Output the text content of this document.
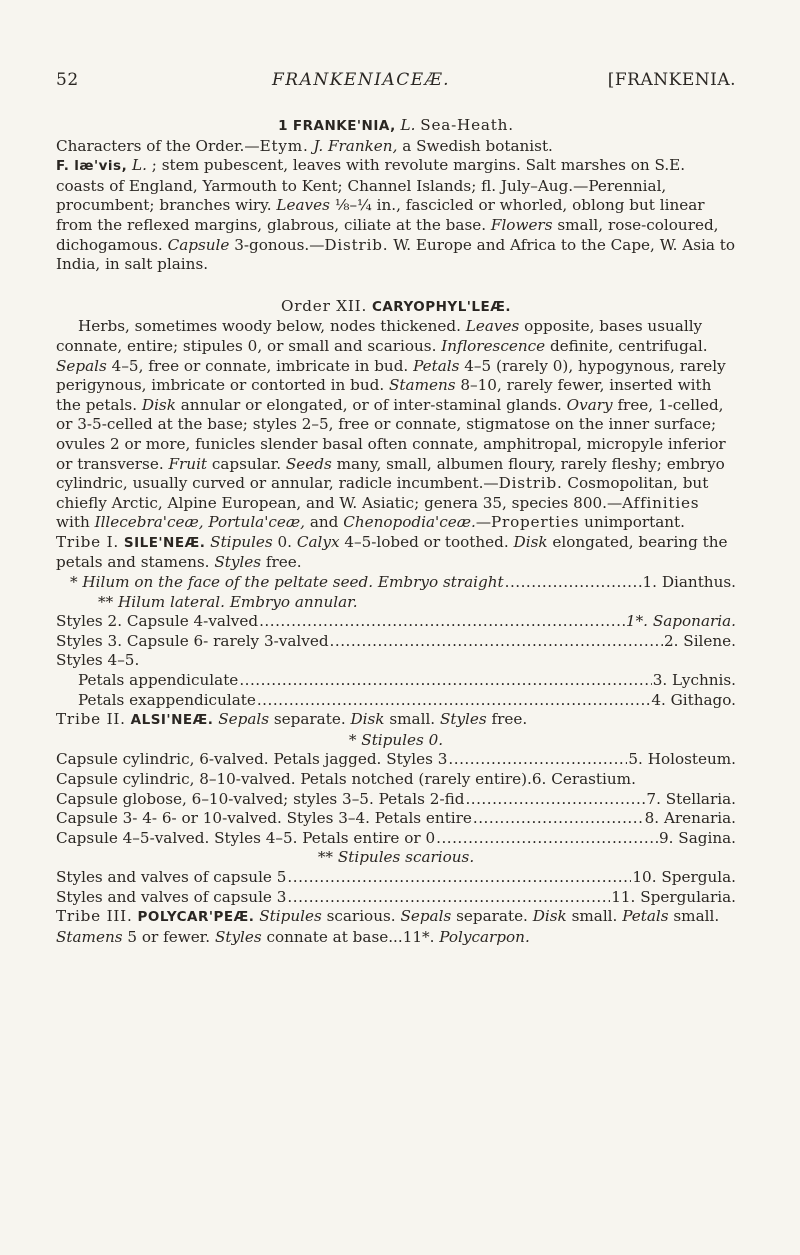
52	FRANKENIACEÆ.	[FRANKENIA.

1 FRANKE'NIA, L. Sea-Heath.

Characters of the Order.—Etym. J. Franken, a Swedish botanist.

F. læ'vis, L. ; stem pubescent, leaves with revolute margins. Salt marshes on S.E. coasts of England, Yarmouth to Kent; Channel Islands; fl. July–Aug.—Perennial, procumbent; branches wiry. Leaves ⅛–¼ in., fascicled or whorled, oblong but linear from the reflexed margins, glabrous, ciliate at the base. Flowers small, rose-coloured, dichogamous. Capsule 3-gonous.—Distrib. W. Europe and Africa to the Cape, W. Asia to India, in salt plains.

Order XII. CARYOPHYL'LEÆ.

Herbs, sometimes woody below, nodes thickened. Leaves opposite, bases usually connate, entire; stipules 0, or small and scarious. Inflorescence definite, centrifugal. Sepals 4–5, free or connate, imbricate in bud. Petals 4–5 (rarely 0), hypogynous, rarely perigynous, imbricate or contorted in bud. Stamens 8–10, rarely fewer, inserted with the petals. Disk annular or elongated, or of inter-staminal glands. Ovary free, 1-celled, or 3-5-celled at the base; styles 2–5, free or connate, stigmatose on the inner surface; ovules 2 or more, funicles slender basal often connate, amphitropal, micropyle inferior or transverse. Fruit capsular. Seeds many, small, albumen floury, rarely fleshy; embryo cylindric, usually curved or annular, radicle incumbent.—Distrib. Cosmopolitan, but chiefly Arctic, Alpine European, and W. Asiatic; genera 35, species 800.—Affinities with Illecebra'ceæ, Portula'ceæ, and Chenopodia'ceæ.—Properties unimportant.

Tribe I. SILE'NEÆ. Stipules 0. Calyx 4–5-lobed or toothed. Disk elongated, bearing the petals and stamens. Styles free.

* Hilum on the face of the peltate seed. Embryo straight .....	1. Dianthus.
** Hilum lateral. Embryo annular.
Styles 2. Capsule 4-valved .....	1*. Saponaria.
Styles 3. Capsule 6- rarely 3-valved .....	2. Silene.
Styles 4–5.
Petals appendiculate .....	3. Lychnis.
Petals exappendiculate .....	4. Githago.

Tribe II. ALSI'NEÆ. Sepals separate. Disk small. Styles free.

* Stipules 0.

Capsule cylindric, 6-valved. Petals jagged. Styles 3 .....	5. Holosteum.
Capsule cylindric, 8–10-valved. Petals notched (rarely entire). 6. Cerastium.
Capsule globose, 6–10-valved; styles 3–5. Petals 2-fid .....	7. Stellaria.
Capsule 3- 4- 6- or 10-valved. Styles 3–4. Petals entire .....	8. Arenaria.
Capsule 4–5-valved. Styles 4–5. Petals entire or 0 .....	9. Sagina.

** Stipules scarious.

Styles and valves of capsule 5 .....	10. Spergula.
Styles and valves of capsule 3 .....	11. Spergularia.

Tribe III. POLYCAR'PEÆ. Stipules scarious. Sepals separate. Disk small. Petals small. Stamens 5 or fewer. Styles connate at base...11*. Polycarpon.
